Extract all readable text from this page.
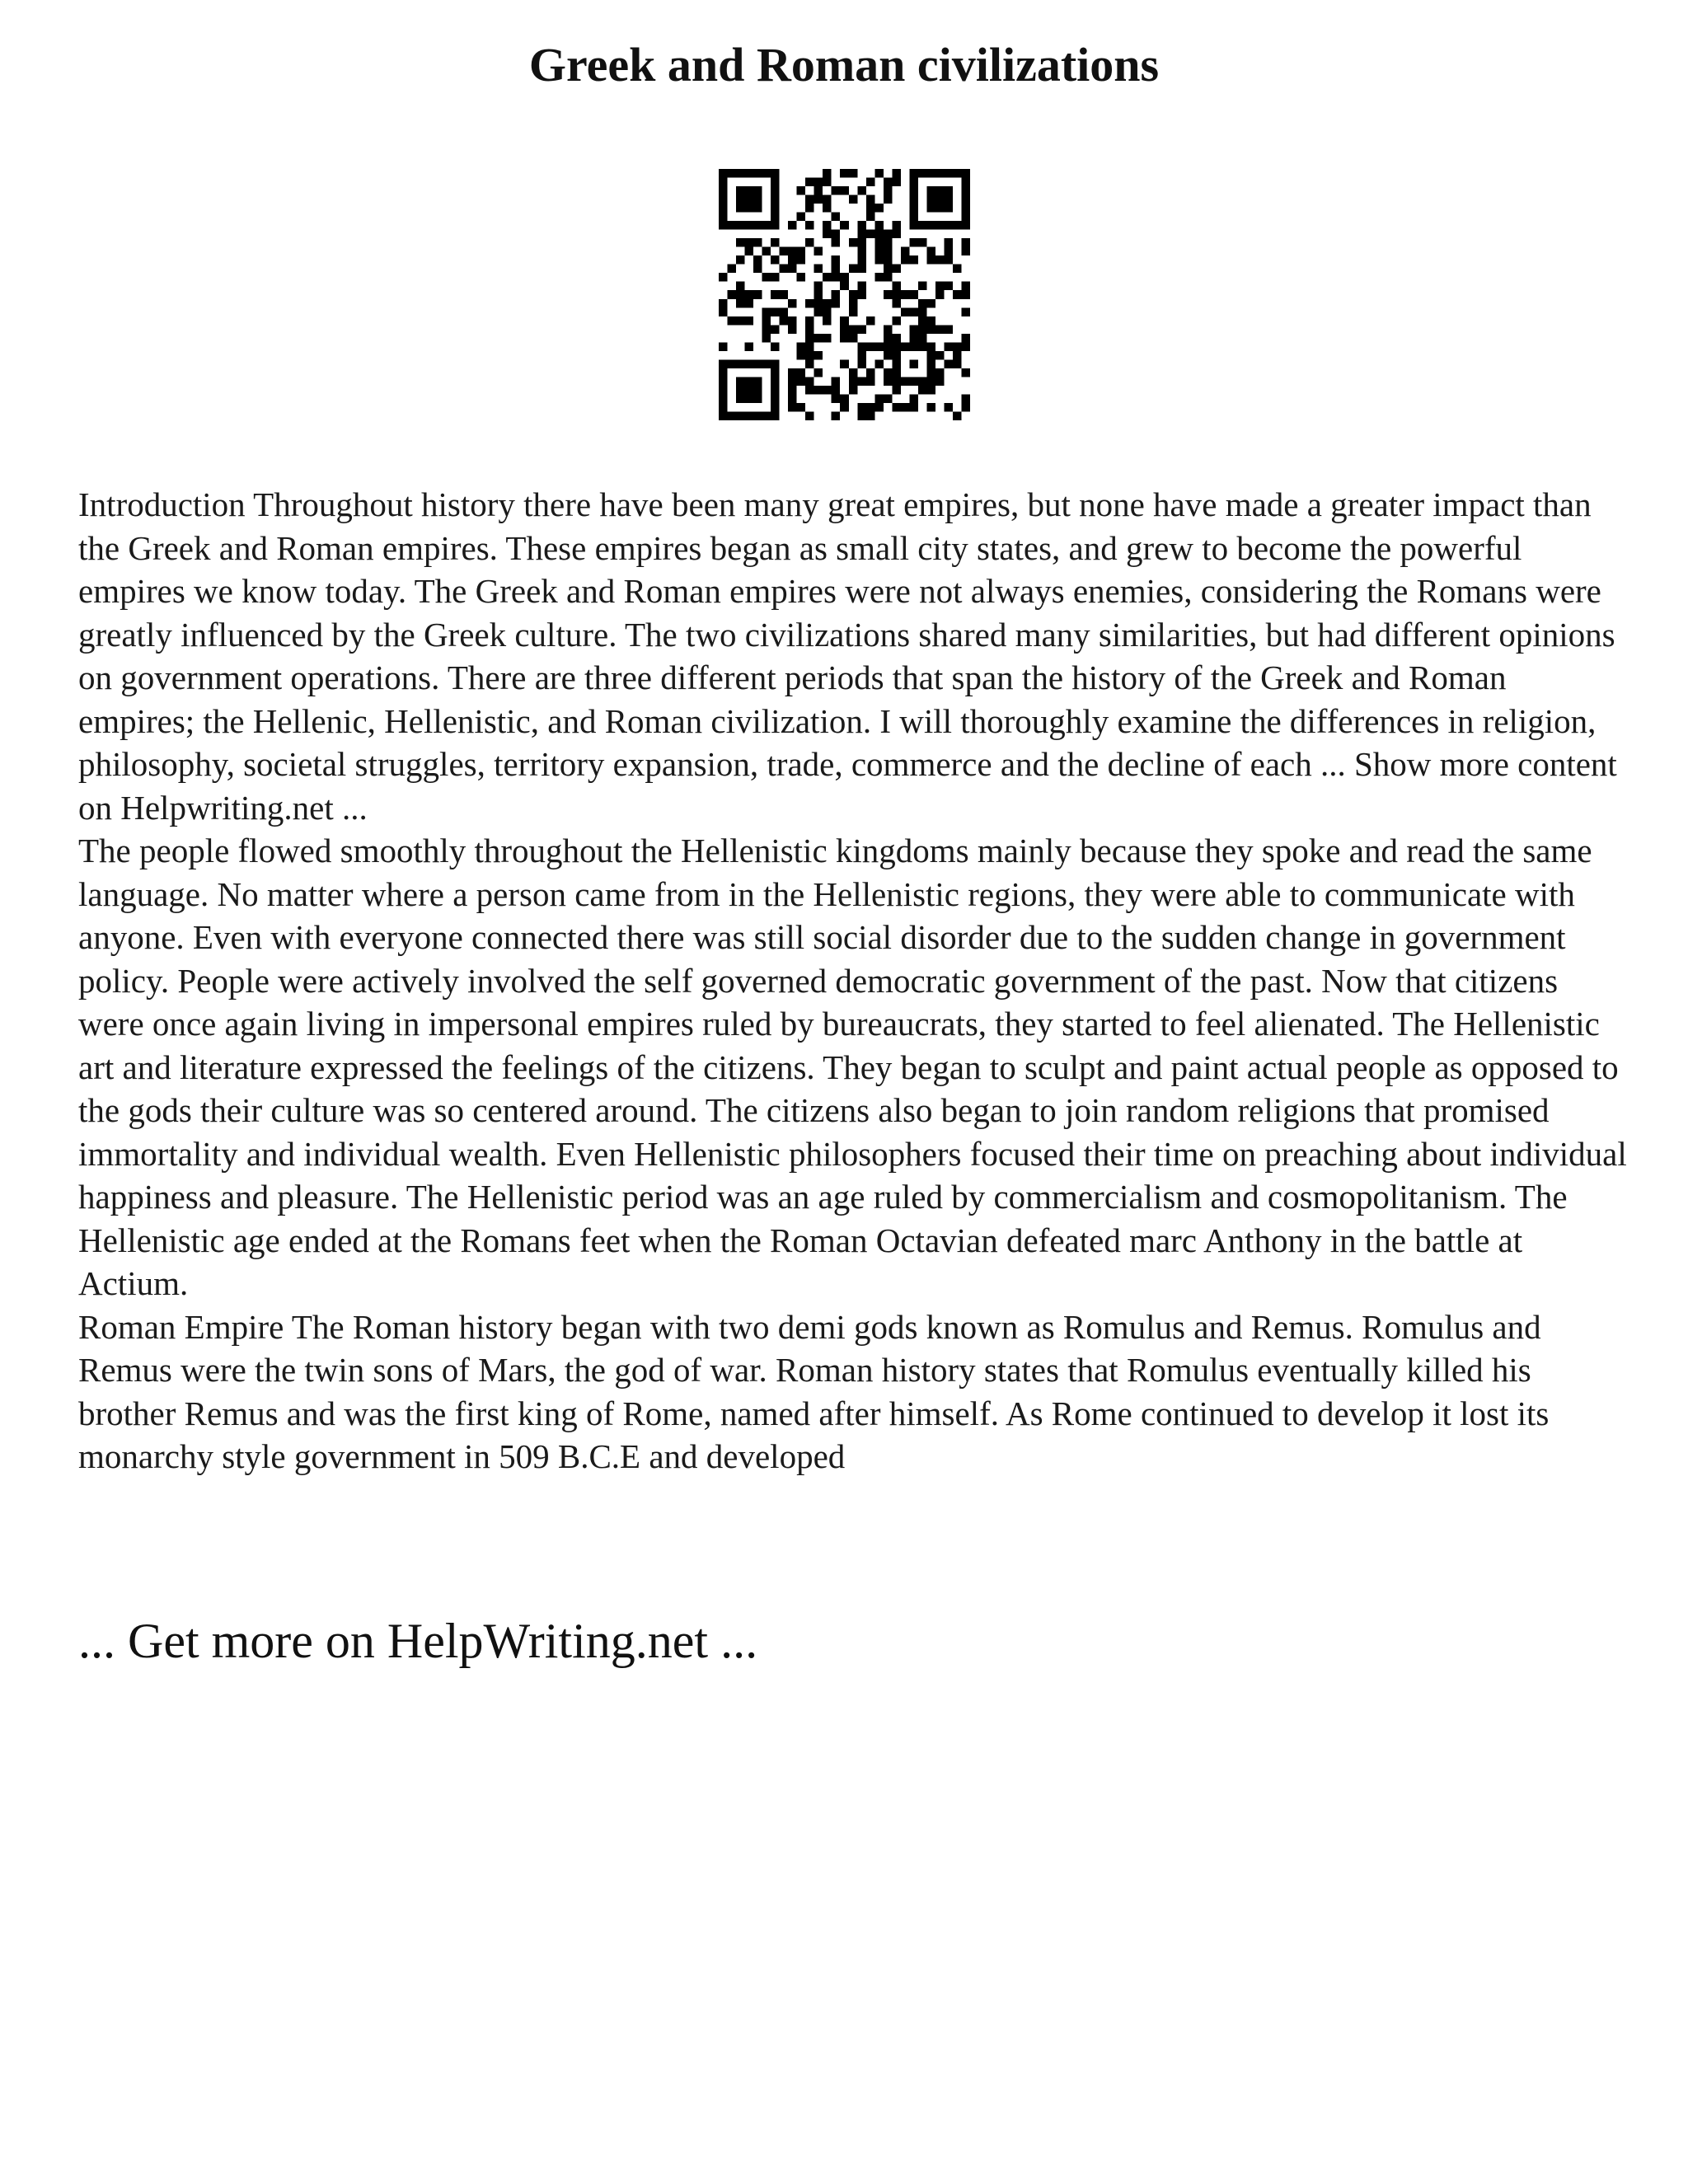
Greek and Roman civilizations

Introduction Throughout history there have been many great empires, but none have made a greater impact than the Greek and Roman empires. These empires began as small city states, and grew to become the powerful empires we know today. The Greek and Roman empires were not always enemies, considering the Romans were greatly influenced by the Greek culture. The two civilizations shared many similarities, but had different opinions on government operations. There are three different periods that span the history of the Greek and Roman empires; the Hellenic, Hellenistic, and Roman civilization. I will thoroughly examine the differences in religion, philosophy, societal struggles, territory expansion, trade, commerce and the decline of each ... Show more content on Helpwriting.net ...

The people flowed smoothly throughout the Hellenistic kingdoms mainly because they spoke and read the same language. No matter where a person came from in the Hellenistic regions, they were able to communicate with anyone. Even with everyone connected there was still social disorder due to the sudden change in government policy. People were actively involved the self governed democratic government of the past. Now that citizens were once again living in impersonal empires ruled by bureaucrats, they started to feel alienated. The Hellenistic art and literature expressed the feelings of the citizens. They began to sculpt and paint actual people as opposed to the gods their culture was so centered around. The citizens also began to join random religions that promised immortality and individual wealth. Even Hellenistic philosophers focused their time on preaching about individual happiness and pleasure. The Hellenistic period was an age ruled by commercialism and cosmopolitanism. The Hellenistic age ended at the Romans feet when the Roman Octavian defeated marc Anthony in the battle at Actium.

Roman Empire The Roman history began with two demi gods known as Romulus and Remus. Romulus and Remus were the twin sons of Mars, the god of war. Roman history states that Romulus eventually killed his brother Remus and was the first king of Rome, named after himself. As Rome continued to develop it lost its monarchy style government in 509 B.C.E and developed

... Get more on HelpWriting.net ...
